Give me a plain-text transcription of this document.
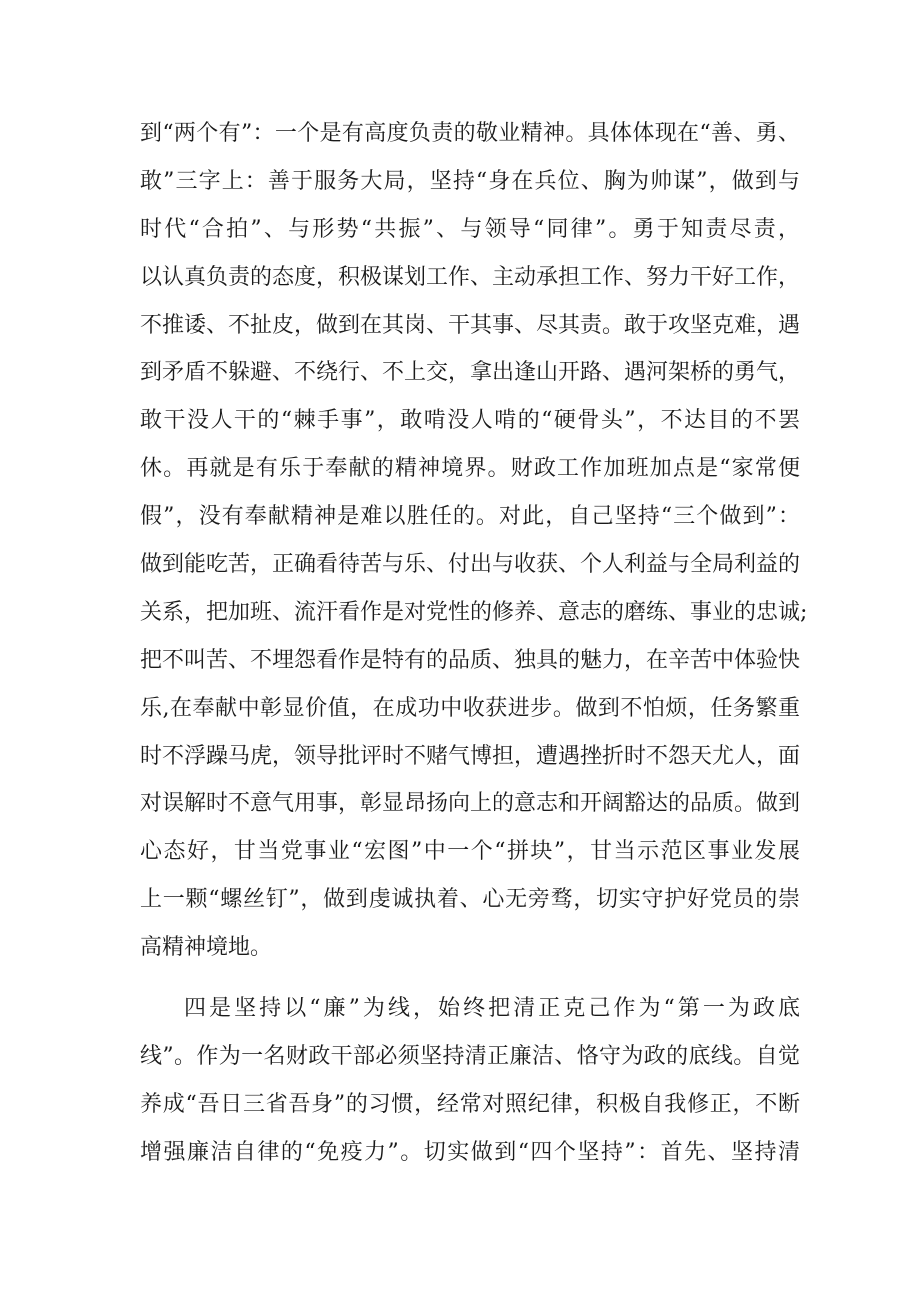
到“两个有”：一个是有高度负责的敬业精神。具体体现在“善、勇、
敢”三字上：善于服务大局，坚持“身在兵位、胸为帅谋”，做到与
时代“合拍”、与形势“共振”、与领导“同律”。勇于知责尽责，
以认真负责的态度，积极谋划工作、主动承担工作、努力干好工作，
不推诿、不扯皮，做到在其岗、干其事、尽其责。敢于攻坚克难，遇
到矛盾不躲避、不绕行、不上交，拿出逢山开路、遇河架桥的勇气，
敢干没人干的“棘手事”，敢啃没人啃的“硬骨头”，不达目的不罢
休。再就是有乐于奉献的精神境界。财政工作加班加点是“家常便
假”，没有奉献精神是难以胜任的。对此，自己坚持“三个做到”：
做到能吃苦，正确看待苦与乐、付出与收获、个人利益与全局利益的
关系，把加班、流汗看作是对党性的修养、意志的磨练、事业的忠诚;
把不叫苦、不埋怨看作是特有的品质、独具的魅力，在辛苦中体验快
乐,在奉献中彰显价值，在成功中收获进步。做到不怕烦，任务繁重
时不浮躁马虎，领导批评时不赌气博担，遭遇挫折时不怨天尤人，面
对误解时不意气用事，彰显昂扬向上的意志和开阔豁达的品质。做到
心态好，甘当党事业“宏图”中一个“拼块”，甘当示范区事业发展
上一颗“螺丝钉”，做到虔诚执着、心无旁骛，切实守护好党员的崇
高精神境地。
四是坚持以“廉”为线，始终把清正克己作为“第一为政底
线”。作为一名财政干部必须坚持清正廉洁、恪守为政的底线。自觉
养成“吾日三省吾身”的习惯，经常对照纪律，积极自我修正，不断
增强廉洁自律的“免疫力”。切实做到“四个坚持”：首先、坚持清
